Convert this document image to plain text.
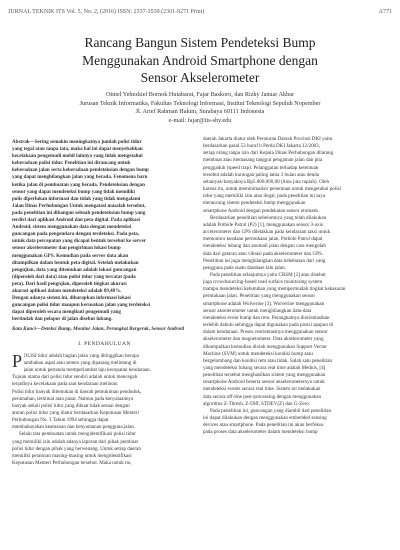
JURNAL TEKNIK ITS Vol. 5, No. 2, (2016) ISSN: 2337-3539 (2301-9271 Print)	A771
Rancang Bangun Sistem Pendeteksi Bump
Menggunakan Android Smartphone dengan
Sensor Akselerometer
Otniel Yehezkiel Bornok Hutabarat, Fajar Baskoro, dan Rizky Januar Akbar
Jurusan Teknik Informatika, Fakultas Teknologi Informasi, Institut Teknologi Sepuluh Nopember
Jl. Arief Rahman Hakim, Surabaya 60111 Indonesia
e-mail: fajar@its-sby.edu
Abstrak—Sering semakin meningkatnya jumlah polisi tidur
yang tegal atau tanpa tata, maka hal ini dapat menyebabkan
kecelakaan pengemudi mobil lainnya yang tidak mengetahui
keberadaan polisi tidur. Penelitian ini dirancang untuk
keberadaan jalan serta keberadaan pendeteksian dengan bump
yang dapat menghilangkan jalan yang berada. Fenomena baru
ketika jalan di pembuatan yang berada. Pendeteksian dengan
sensor yang dapat mendeteksi bump yang tidak memiliki
polis diperlukan informasi dan tidak yang tidak mengalami
Jalan Dinas Perhubungan Untuk mengatasi masalah tersebut,
pada penelitian ini dibangun sebuah pendeteksian bump yang
terdiri dari aplikasi Android dan peta digital. Pada aplikasi
Android, sistem menggunakan data dengan mendeteksi
guncangan pada pengendara dengan terdeteksi. Pada peta,
untuk data percepatan yang dicapai bentuk tersebut ke server
sensor akselerometer dan pengiriman lokasi bump
menggunakan GPS. Kemudian pada server data akan
ditampilkan dalam bentuk peta digital. Setelah melakukan
pengujian, data yang ditemukan adalah lokasi guncangan
(diperoleh dari data) atau polisi tidur yang tercatat (pada
peta). Dari hasil pengujian, diperoleh tingkat akurasi
akurasi aplikasi dalam mendeteksi adalah 89,48%.
Dengan adanya sistem ini, diharapkan informasi lokasi
guncangan polisi tidur maupun kerusakan jalan yang terdeteksi
dapat diperoleh secara mengikuti pengemudi yang
bertindak dan pelapor di jalan disebut lubang.
Kata Kunci—Deteksi Bump, Monitor Jalan, Perangkat Bergerak, Sensor Android
I. PENDAHULUAN
P OLISI tidur adalah bagian jalan yang ditinggikan berupa
tambahan aspal atau semen yang dipasang melintang di
jalan untuk pertanda memperlambat laju kecepatan kendaraan.
Tujuan utama dari polisi tidur sendiri adalah untuk mencegah
terjadinya kecelakaan pada saat kendaraan melintas.
Polisi tidur banyak ditemukan di daerah pemukiman penduduk,
perumahan, terminal atau pasar. Namun pada kenyataannya
banyak sekali polisi tidur yang dibuat tidak sesuai dengan
aturan polisi tidur yang diatur berdasarkan Keputusan Menteri
Perhubungan No. 3 Tahun 1994 sehingga dapat
membahayakan keamanan dan kenyamanan pengguna jalan.
Selain tata pembuatan untuk mengidentifikasi polisi tidur
yang memiliki izin adalah adanya laporan dari pihak pembuat
polisi tidur dengan pihak yang berwenang. Untuk setiap daerah
memiliki peraturan masing-masing untuk mengidentifikasi
Keputusan Menteri Perhubungan tersebut. Maka untuk itu,
daerah Jakarta diatur oleh Peraturan Daerah Provinsi DKI yaitu
berdasarkan pasal 53 huruf b Perda DKI Jakarta 12/2003,
setiap orang tanpa izin dari Kepala Dinas Perhubungan dilarang
membuat atau memasang tanggul pengaman jalan dan pita
penggaduh (speed trap). Pelanggaran terhadap ketentuan
tersebut adalah kurungan paling lama 3 bulan atau denda
sebanyak-banyaknya Rp5.000.000,00 (lima juta rupiah). Oleh
karena itu, untuk meminimalisir penentuan untuk mengetahui polisi
tidur yang memiliki izin atau ilegal, pada penelitian ini saya
merancang sistem pendeteksi bump menggunakan
smartphone Android dengan pendekatan sensor otomatis.
Berdasarkan penelitian sebelumnya yang telah dilakukan
adalah Pothole Patrol (P2) [1], menggunakan sensor 3-axis
accelerometer dan GPS diletakkan pada kendaraan taksi untuk
memonitor keadaan permukaan jalan. Pothole Patrol dapat
mendeteksi lubang dan anomali jalan dengan cara mengolah
data dari getaran atau vibrasi pada akselerometer dan GPS.
Penelitian ini juga menghilangkan data kebebasan dari yang
pengguna pada suatu database lalu jalan.
Pada penelitian selanjutnya yaitu CRSM [2] atau disebut
juga crowdsourcing-based road surface monitoring system
mampu mendeteksi kebutuhan yang mempermudah tingkat kekasaran
permukaan jalan. Penelitian yang menggunakan sensor
smartphone adalah Wolverine [3]. Wolverine menggunakan
sensor akselerometer untuk menghilangkan data-data
mendeteksi event bump dan rem. Perangkatnya diorientasikan
terlebih dahulu sehingga dapat digunakan pada posisi apapun di
dalam kendaraan. Proses reorientasinya menggunakan sensor
akselerometer dan magnetometer. Data akselerometer yang
dikumpulkan kemudian diolah menggunakan Support Vector
Machine (SVM) untuk mendeteksi kondisi bump atau
bergelombang dan kondisi rem atau tidak. Salah satu penelitian
yang mendeteksi lubang secara real time adalah Mednis, [4]
penelitian tersebut menghasilkan sistem yang menggunakan
smartphone Android beserta sensor akselerometernya untuk
mendeteksi events secara real time. Sistem ini melakukan
data secara off-line post-processing dengan menggunakan
algoritma Z-Thresh, Z-Diff, STDEV(Z) dan G-Zero.
Pada penelitian ini, guncangan yang diambil dari penelitian
ini dapat dilakukan dengan menggunakan embedded sensing
devices atau smartphone. Pada penelitian ini akan berfokus
pada proses data akselerometer dalam mendeteksi bump
